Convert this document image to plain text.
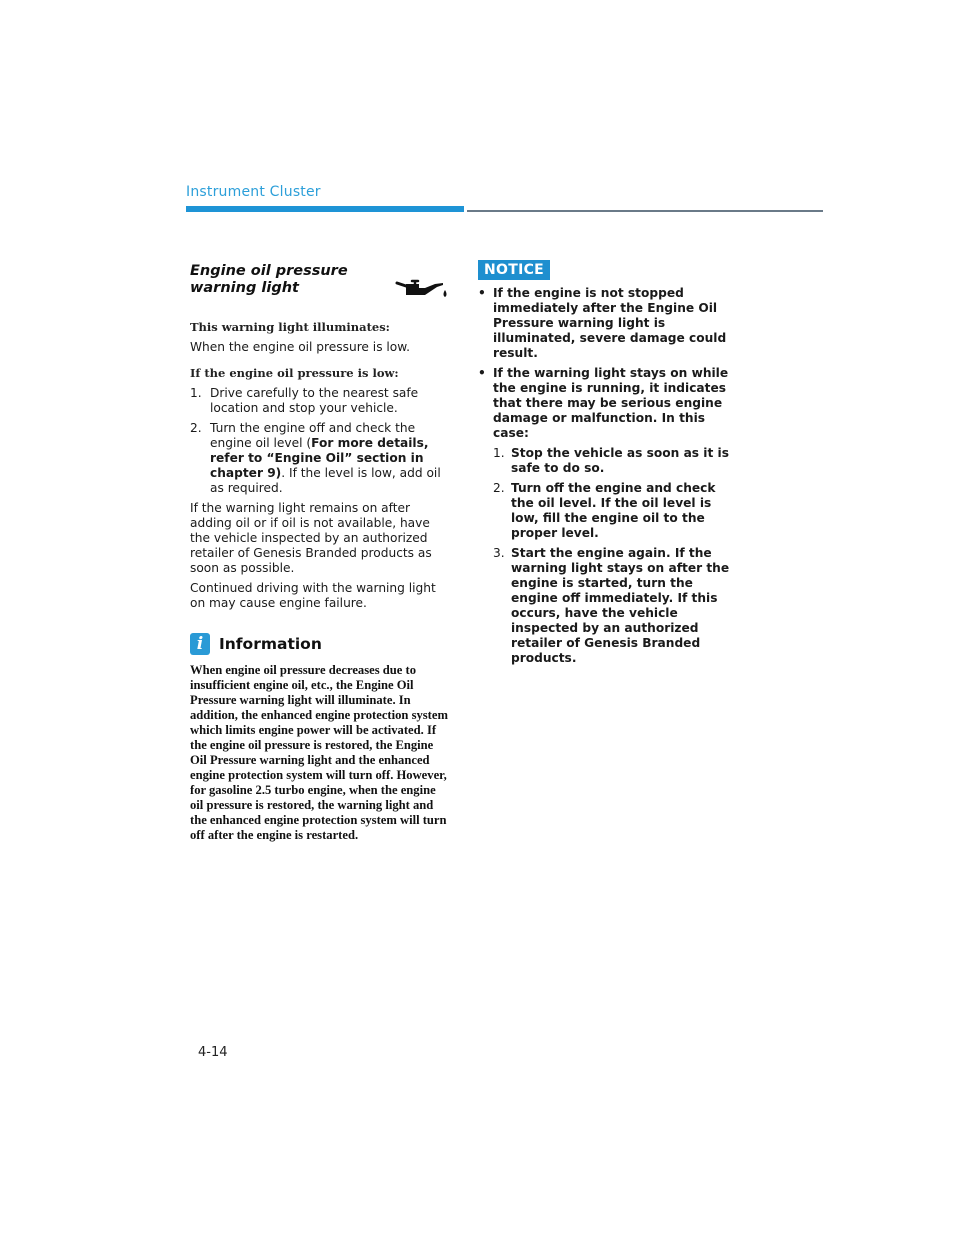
Instrument Cluster
Engine oil pressure warning light
This warning light illuminates:

When the engine oil pressure is low.

If the engine oil pressure is low:
1. Drive carefully to the nearest safe location and stop your vehicle.
2. Turn the engine off and check the engine oil level (For more details, refer to “Engine Oil” section in chapter 9). If the level is low, add oil as required.

If the warning light remains on after adding oil or if oil is not available, have the vehicle inspected by an authorized retailer of Genesis Branded products as soon as possible.

Continued driving with the warning light on may cause engine failure.

i	Information
When engine oil pressure decreases due to insufficient engine oil, etc., the Engine Oil Pressure warning light will illuminate. In addition, the enhanced engine protection system which limits engine power will be activated. If the engine oil pressure is restored, the Engine Oil Pressure warning light and the enhanced engine protection system will turn off. However, for gasoline 2.5 turbo engine, when the engine oil pressure is restored, the warning light and the enhanced engine protection system will turn off after the engine is restarted.
NOTICE
• If the engine is not stopped immediately after the Engine Oil Pressure warning light is illuminated, severe damage could result.
• If the warning light stays on while the engine is running, it indicates that there may be serious engine damage or malfunction. In this case:
1. Stop the vehicle as soon as it is safe to do so.
2. Turn off the engine and check the oil level. If the oil level is low, fill the engine oil to the proper level.
3. Start the engine again. If the warning light stays on after the engine is started, turn the engine off immediately. If this occurs, have the vehicle inspected by an authorized retailer of Genesis Branded products.
4-14
